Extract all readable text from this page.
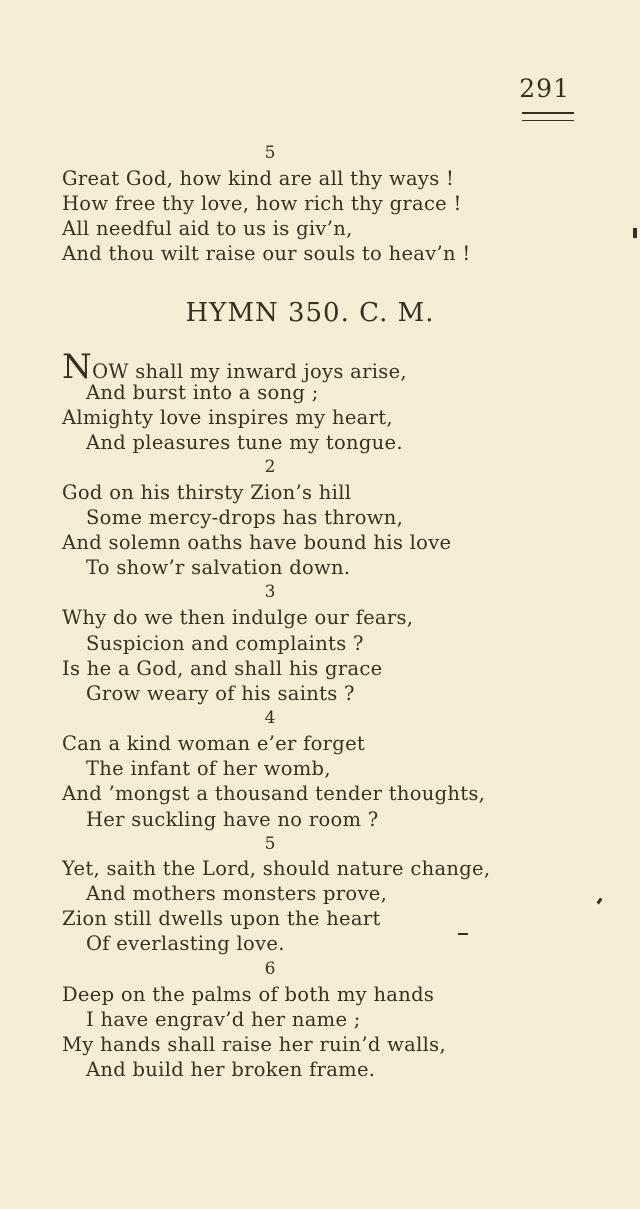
291
5
Great God, how kind are all thy ways !
How free thy love, how rich thy grace !
All needful aid to us is giv’n,
And thou wilt raise our souls to heav’n !
HYMN 350. C. M.
NOW shall my inward joys arise,
And burst into a song ;
Almighty love inspires my heart,
And pleasures tune my tongue.
2
God on his thirsty Zion’s hill
Some mercy-drops has thrown,
And solemn oaths have bound his love
To show’r salvation down.
3
Why do we then indulge our fears,
Suspicion and complaints ?
Is he a God, and shall his grace
Grow weary of his saints ?
4
Can a kind woman e’er forget
The infant of her womb,
And ’mongst a thousand tender thoughts,
Her suckling have no room ?
5
Yet, saith the Lord, should nature change,
And mothers monsters prove,
Zion still dwells upon the heart
Of everlasting love.
6
Deep on the palms of both my hands
I have engrav’d her name ;
My hands shall raise her ruin’d walls,
And build her broken frame.
